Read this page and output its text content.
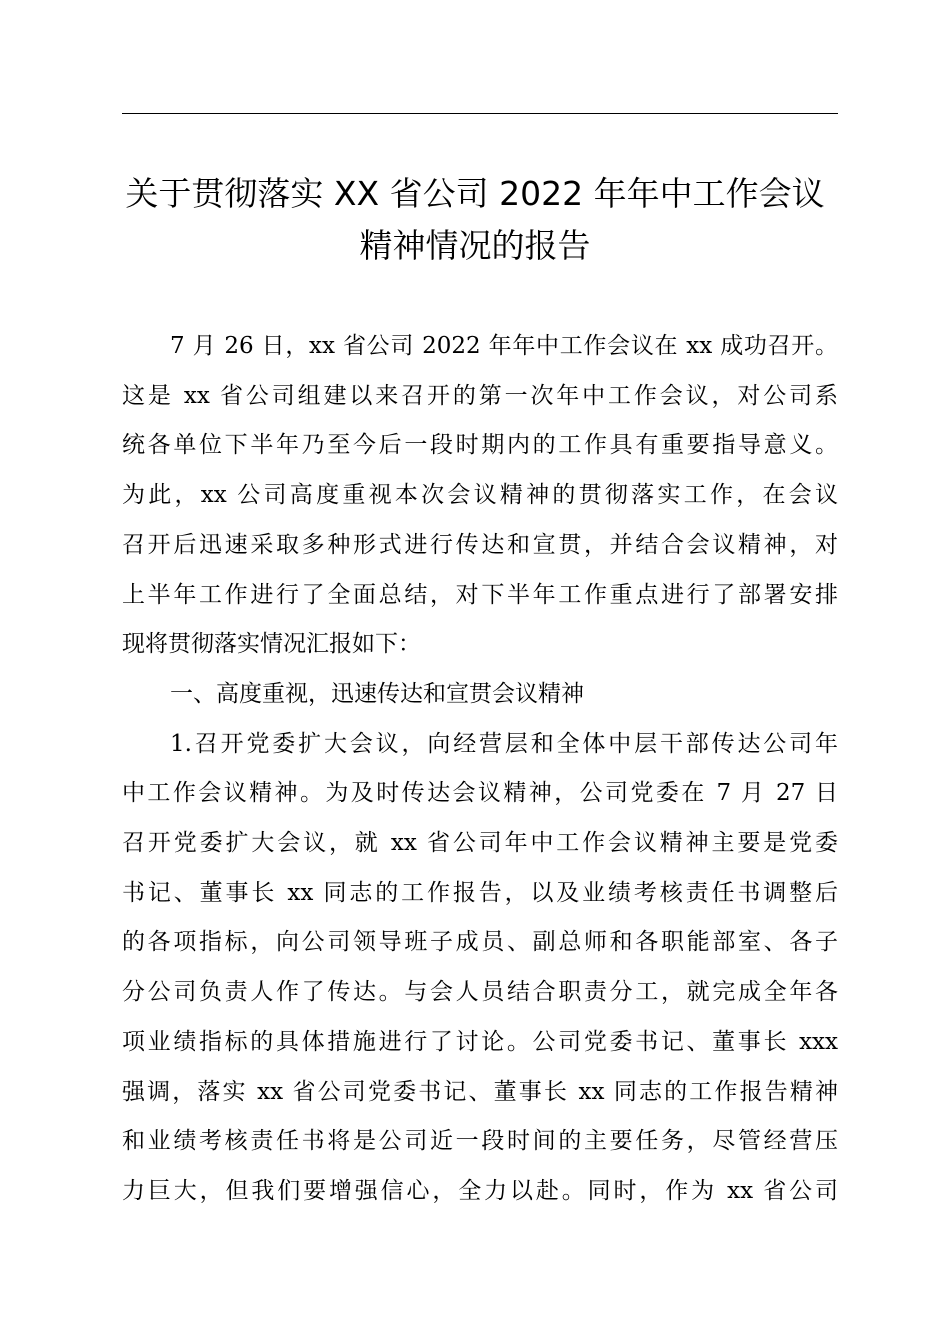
关于贯彻落实 XX 省公司 2022 年年中工作会议
精神情况的报告

7 月 26 日，xx 省公司 2022 年年中工作会议在 xx 成功召开。
这是 xx 省公司组建以来召开的第一次年中工作会议，对公司系
统各单位下半年乃至今后一段时期内的工作具有重要指导意义。
为此，xx 公司高度重视本次会议精神的贯彻落实工作，在会议
召开后迅速采取多种形式进行传达和宣贯，并结合会议精神，对
上半年工作进行了全面总结，对下半年工作重点进行了部署安排
现将贯彻落实情况汇报如下：

一、高度重视，迅速传达和宣贯会议精神

1.召开党委扩大会议，向经营层和全体中层干部传达公司年
中工作会议精神。为及时传达会议精神，公司党委在 7 月 27 日
召开党委扩大会议，就 xx 省公司年中工作会议精神主要是党委
书记、董事长 xx 同志的工作报告，以及业绩考核责任书调整后
的各项指标，向公司领导班子成员、副总师和各职能部室、各子
分公司负责人作了传达。与会人员结合职责分工，就完成全年各
项业绩指标的具体措施进行了讨论。公司党委书记、董事长 xxx
强调，落实 xx 省公司党委书记、董事长 xx 同志的工作报告精神
和业绩考核责任书将是公司近一段时间的主要任务，尽管经营压
力巨大，但我们要增强信心，全力以赴。同时，作为 xx 省公司
